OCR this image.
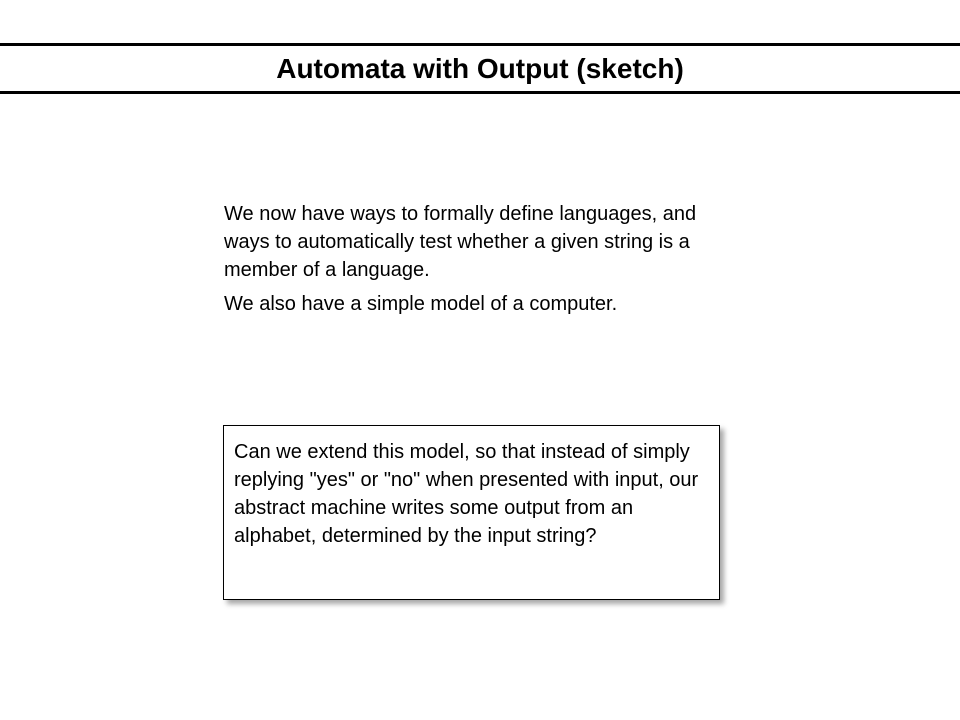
Automata with Output (sketch)

We now have ways to formally define languages, and ways to automatically test whether a given string is a member of a language.

We also have a simple model of a computer.

Can we extend this model, so that instead of simply replying "yes" or "no" when presented with input, our abstract machine writes some output from an alphabet, determined by the input string?
